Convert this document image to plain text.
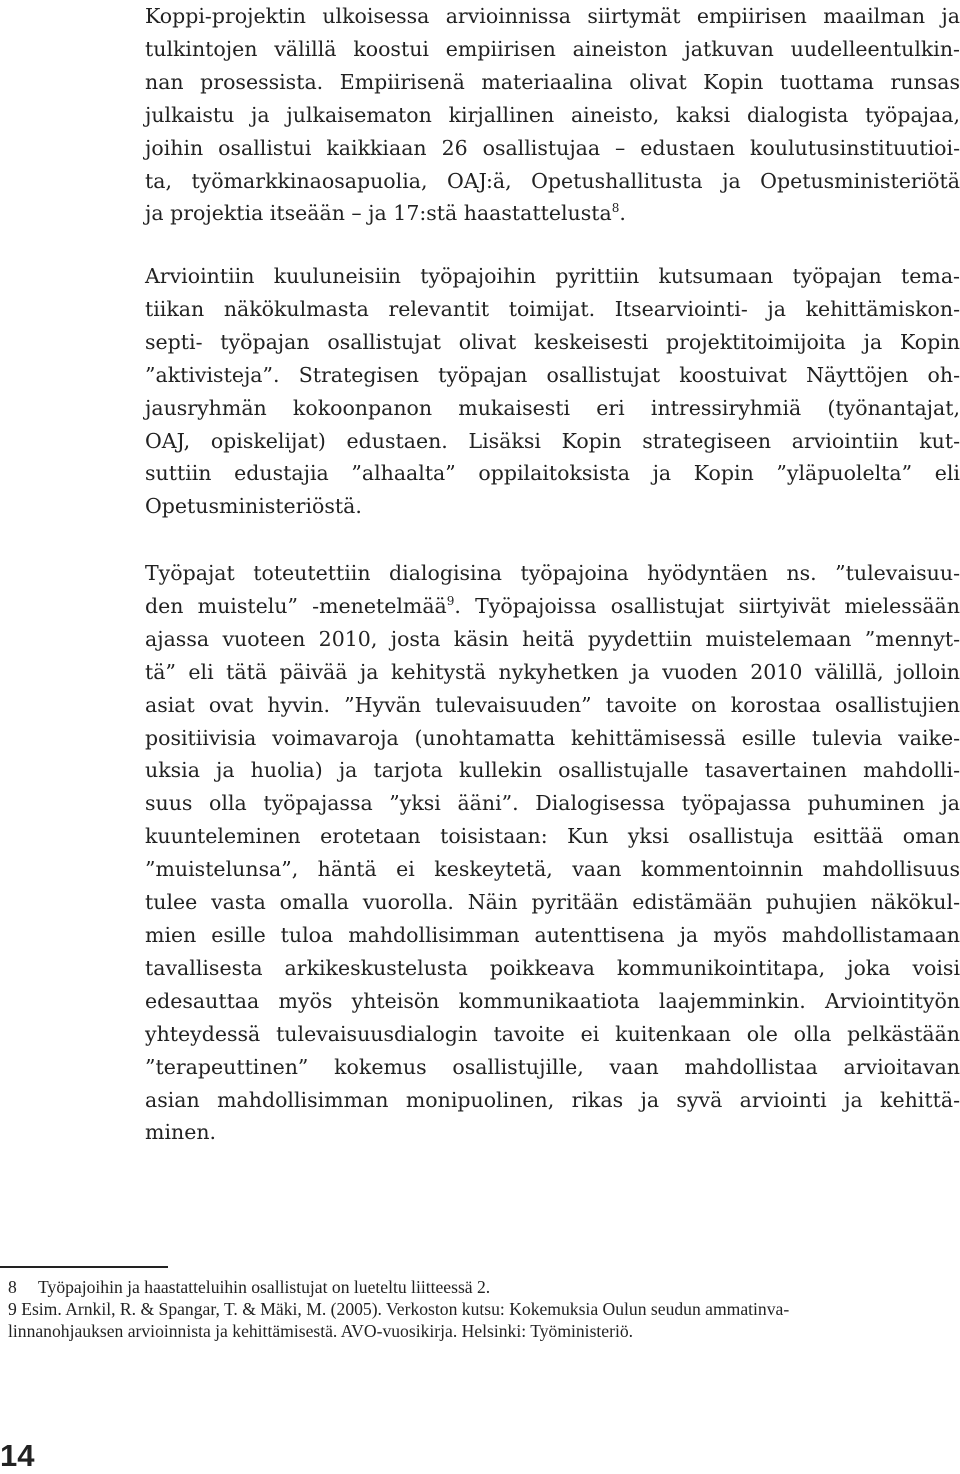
Koppi-projektin ulkoisessa arvioinnissa siirtymät empiirisen maailman ja
tulkintojen välillä koostui empiirisen aineiston jatkuvan uudelleentulkin-
nan prosessista. Empiirisenä materiaalina olivat Kopin tuottama runsas
julkaistu ja julkaisematon kirjallinen aineisto, kaksi dialogista työpajaa,
joihin osallistui kaikkiaan 26 osallistujaa – edustaen koulutusinstituutioi-
ta, työmarkkinaosapuolia, OAJ:ä, Opetushallitusta ja Opetusministeriötä
ja projektia itseään – ja 17:stä haastattelusta$^8$.

Arviointiin kuuluneisiin työpajoihin pyrittiin kutsumaan työpajan tema-
tiikan näkökulmasta relevantit toimijat. Itsearviointi- ja kehittämiskon-
septi- työpajan osallistujat olivat keskeisesti projektitoimijoita ja Kopin
”aktivisteja”. Strategisen työpajan osallistujat koostuivat Näyttöjen oh-
jausryhmän kokoonpanon mukaisesti eri intressiryhmiä (työnantajat,
OAJ, opiskelijat) edustaen. Lisäksi Kopin strategiseen arviointiin kut-
suttiin edustajia ”alhaalta” oppilaitoksista ja Kopin ”yläpuolelta” eli
Opetusministeriöstä.

Työpajat toteutettiin dialogisina työpajoina hyödyntäen ns. ”tulevaisuu-
den muistelu” -menetelmää$^9$. Työpajoissa osallistujat siirtyivät mielessään
ajassa vuoteen 2010, josta käsin heitä pyydettiin muistelemaan ”mennyt-
tä” eli tätä päivää ja kehitystä nykyhetken ja vuoden 2010 välillä, jolloin
asiat ovat hyvin. ”Hyvän tulevaisuuden” tavoite on korostaa osallistujien
positiivisia voimavaroja (unohtamatta kehittämisessä esille tulevia vaike-
uksia ja huolia) ja tarjota kullekin osallistujalle tasavertainen mahdolli-
suus olla työpajassa ”yksi ääni”. Dialogisessa työpajassa puhuminen ja
kuunteleminen erotetaan toisistaan: Kun yksi osallistuja esittää oman
”muistelunsa”, häntä ei keskeytetä, vaan kommentoinnin mahdollisuus
tulee vasta omalla vuorolla. Näin pyritään edistämään puhujien näkökul-
mien esille tuloa mahdollisimman autenttisena ja myös mahdollistamaan
tavallisesta arkikeskustelusta poikkeava kommunikointitapa, joka voisi
edesauttaa myös yhteisön kommunikaatiota laajemminkin. Arviointityön
yhteydessä tulevaisuusdialogin tavoite ei kuitenkaan ole olla pelkästään
”terapeuttinen” kokemus osallistujille, vaan mahdollistaa arvioitavan
asian mahdollisimman monipuolinen, rikas ja syvä arviointi ja kehittä-
minen.

8 Työpajoihin ja haastatteluihin osallistujat on lueteltu liitteessä 2.
9 Esim. Arnkil, R. & Spangar, T. & Mäki, M. (2005). Verkoston kutsu: Kokemuksia Oulun seudun ammatinva-
linnanohjauksen arvioinnista ja kehittämisestä. AVO-vuosikirja. Helsinki: Työministeriö.
14
